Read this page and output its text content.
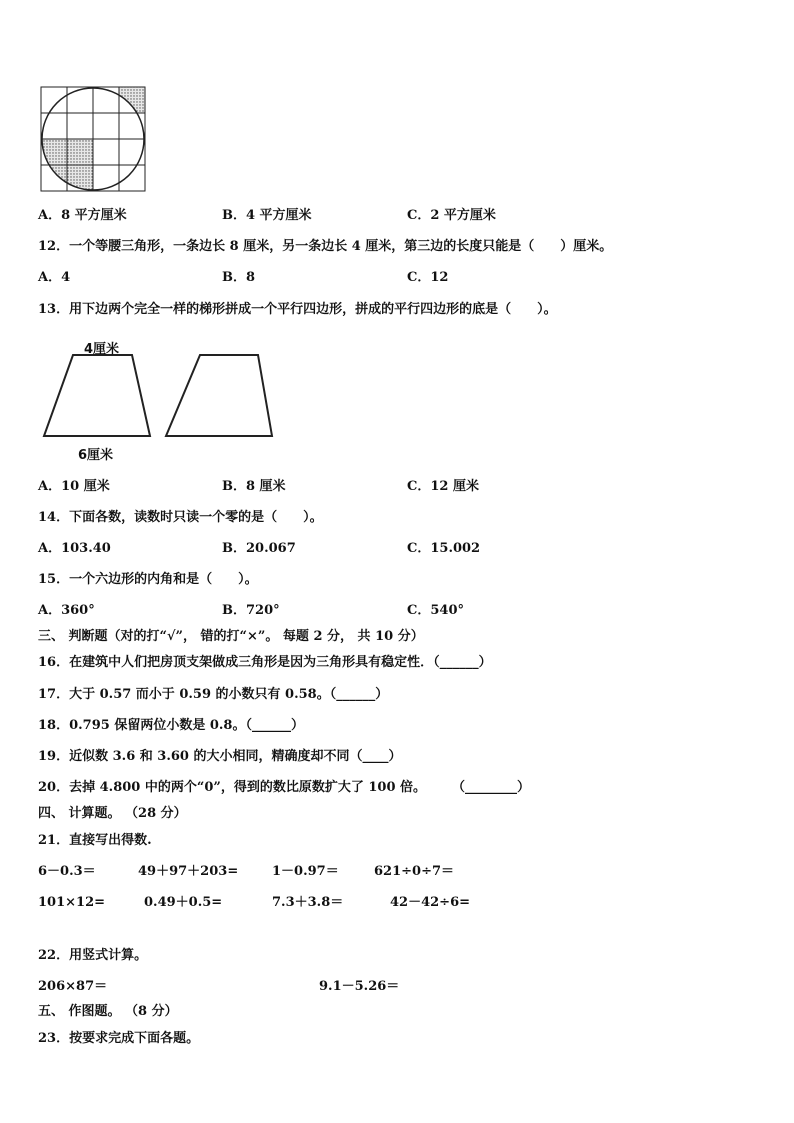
A．8 平方厘米	B．4 平方厘米	C．2 平方厘米
12．一个等腰三角形，一条边长 8 厘米，另一条边长 4 厘米，第三边的长度只能是（　　）厘米。
A．4	B．8	C．12
13．用下边两个完全一样的梯形拼成一个平行四边形，拼成的平行四边形的底是（　　）。
4厘米
6厘米
A．10 厘米	B．8 厘米	C．12 厘米
14．下面各数，读数时只读一个零的是（　　）。
A．103.40	B．20.067	C．15.002
15．一个六边形的内角和是（　　）。
A．360°	B．720°	C．540°
三、 判断题（对的打“√”， 错的打“×”。 每题 2 分， 共 10 分）
16．在建筑中人们把房顶支架做成三角形是因为三角形具有稳定性．（______）
17．大于 0.57 而小于 0.59 的小数只有 0.58。（______）
18．0.795 保留两位小数是 0.8。（______）
19．近似数 3.6 和 3.60 的大小相同，精确度却不同（____）
20．去掉 4.800 中的两个“0”，得到的数比原数扩大了 100 倍。　　　（________）
四、 计算题。 （28 分）
21．直接写出得数.
6－0.3＝	49＋97＋203=	1－0.97＝	621÷0÷7＝
101×12=	0.49＋0.5=	7.3＋3.8＝	42－42÷6=
22．用竖式计算。
206×87＝	9.1－5.26＝
五、 作图题。 （8 分）
23．按要求完成下面各题。
